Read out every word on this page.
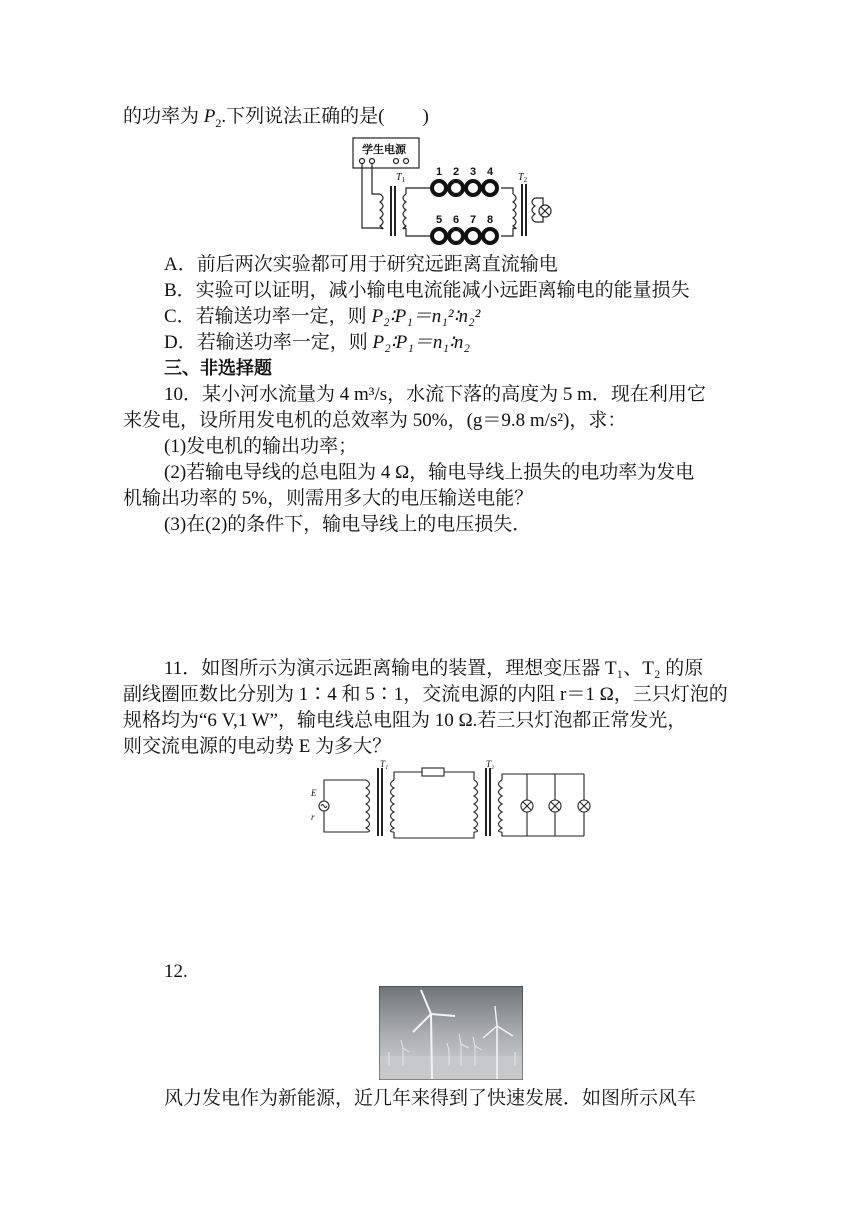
的功率为 $P_2$.下列说法正确的是(　　)
学生电源
$T_1$	$T_2$
1 2 3 4
5 6 7 8
A．前后两次实验都可用于研究远距离直流输电
B．实验可以证明，减小输电电流能减小远距离输电的能量损失
C．若输送功率一定，则 P₂∶P₁＝n₁²∶n₂²
D．若输送功率一定，则 P₂∶P₁＝n₁∶n₂
三、非选择题
10．某小河水流量为 4 m³/s，水流下落的高度为 5 m．现在利用它
来发电，设所用发电机的总效率为 50%，(g＝9.8 m/s²)，求：
(1)发电机的输出功率；
(2)若输电导线的总电阻为 4 Ω，输电导线上损失的电功率为发电
机输出功率的 5%，则需用多大的电压输送电能？
(3)在(2)的条件下，输电导线上的电压损失．
11．如图所示为演示远距离输电的装置，理想变压器 T₁、T₂ 的原
副线圈匝数比分别为 1∶4 和 5∶1，交流电源的内阻 r＝1 Ω，三只灯泡的
规格均为“6 V,1 W”，输电线总电阻为 10 Ω.若三只灯泡都正常发光，
则交流电源的电动势 E 为多大？
E
r
T₁	T₂
12.
风力发电作为新能源，近几年来得到了快速发展．如图所示风车
